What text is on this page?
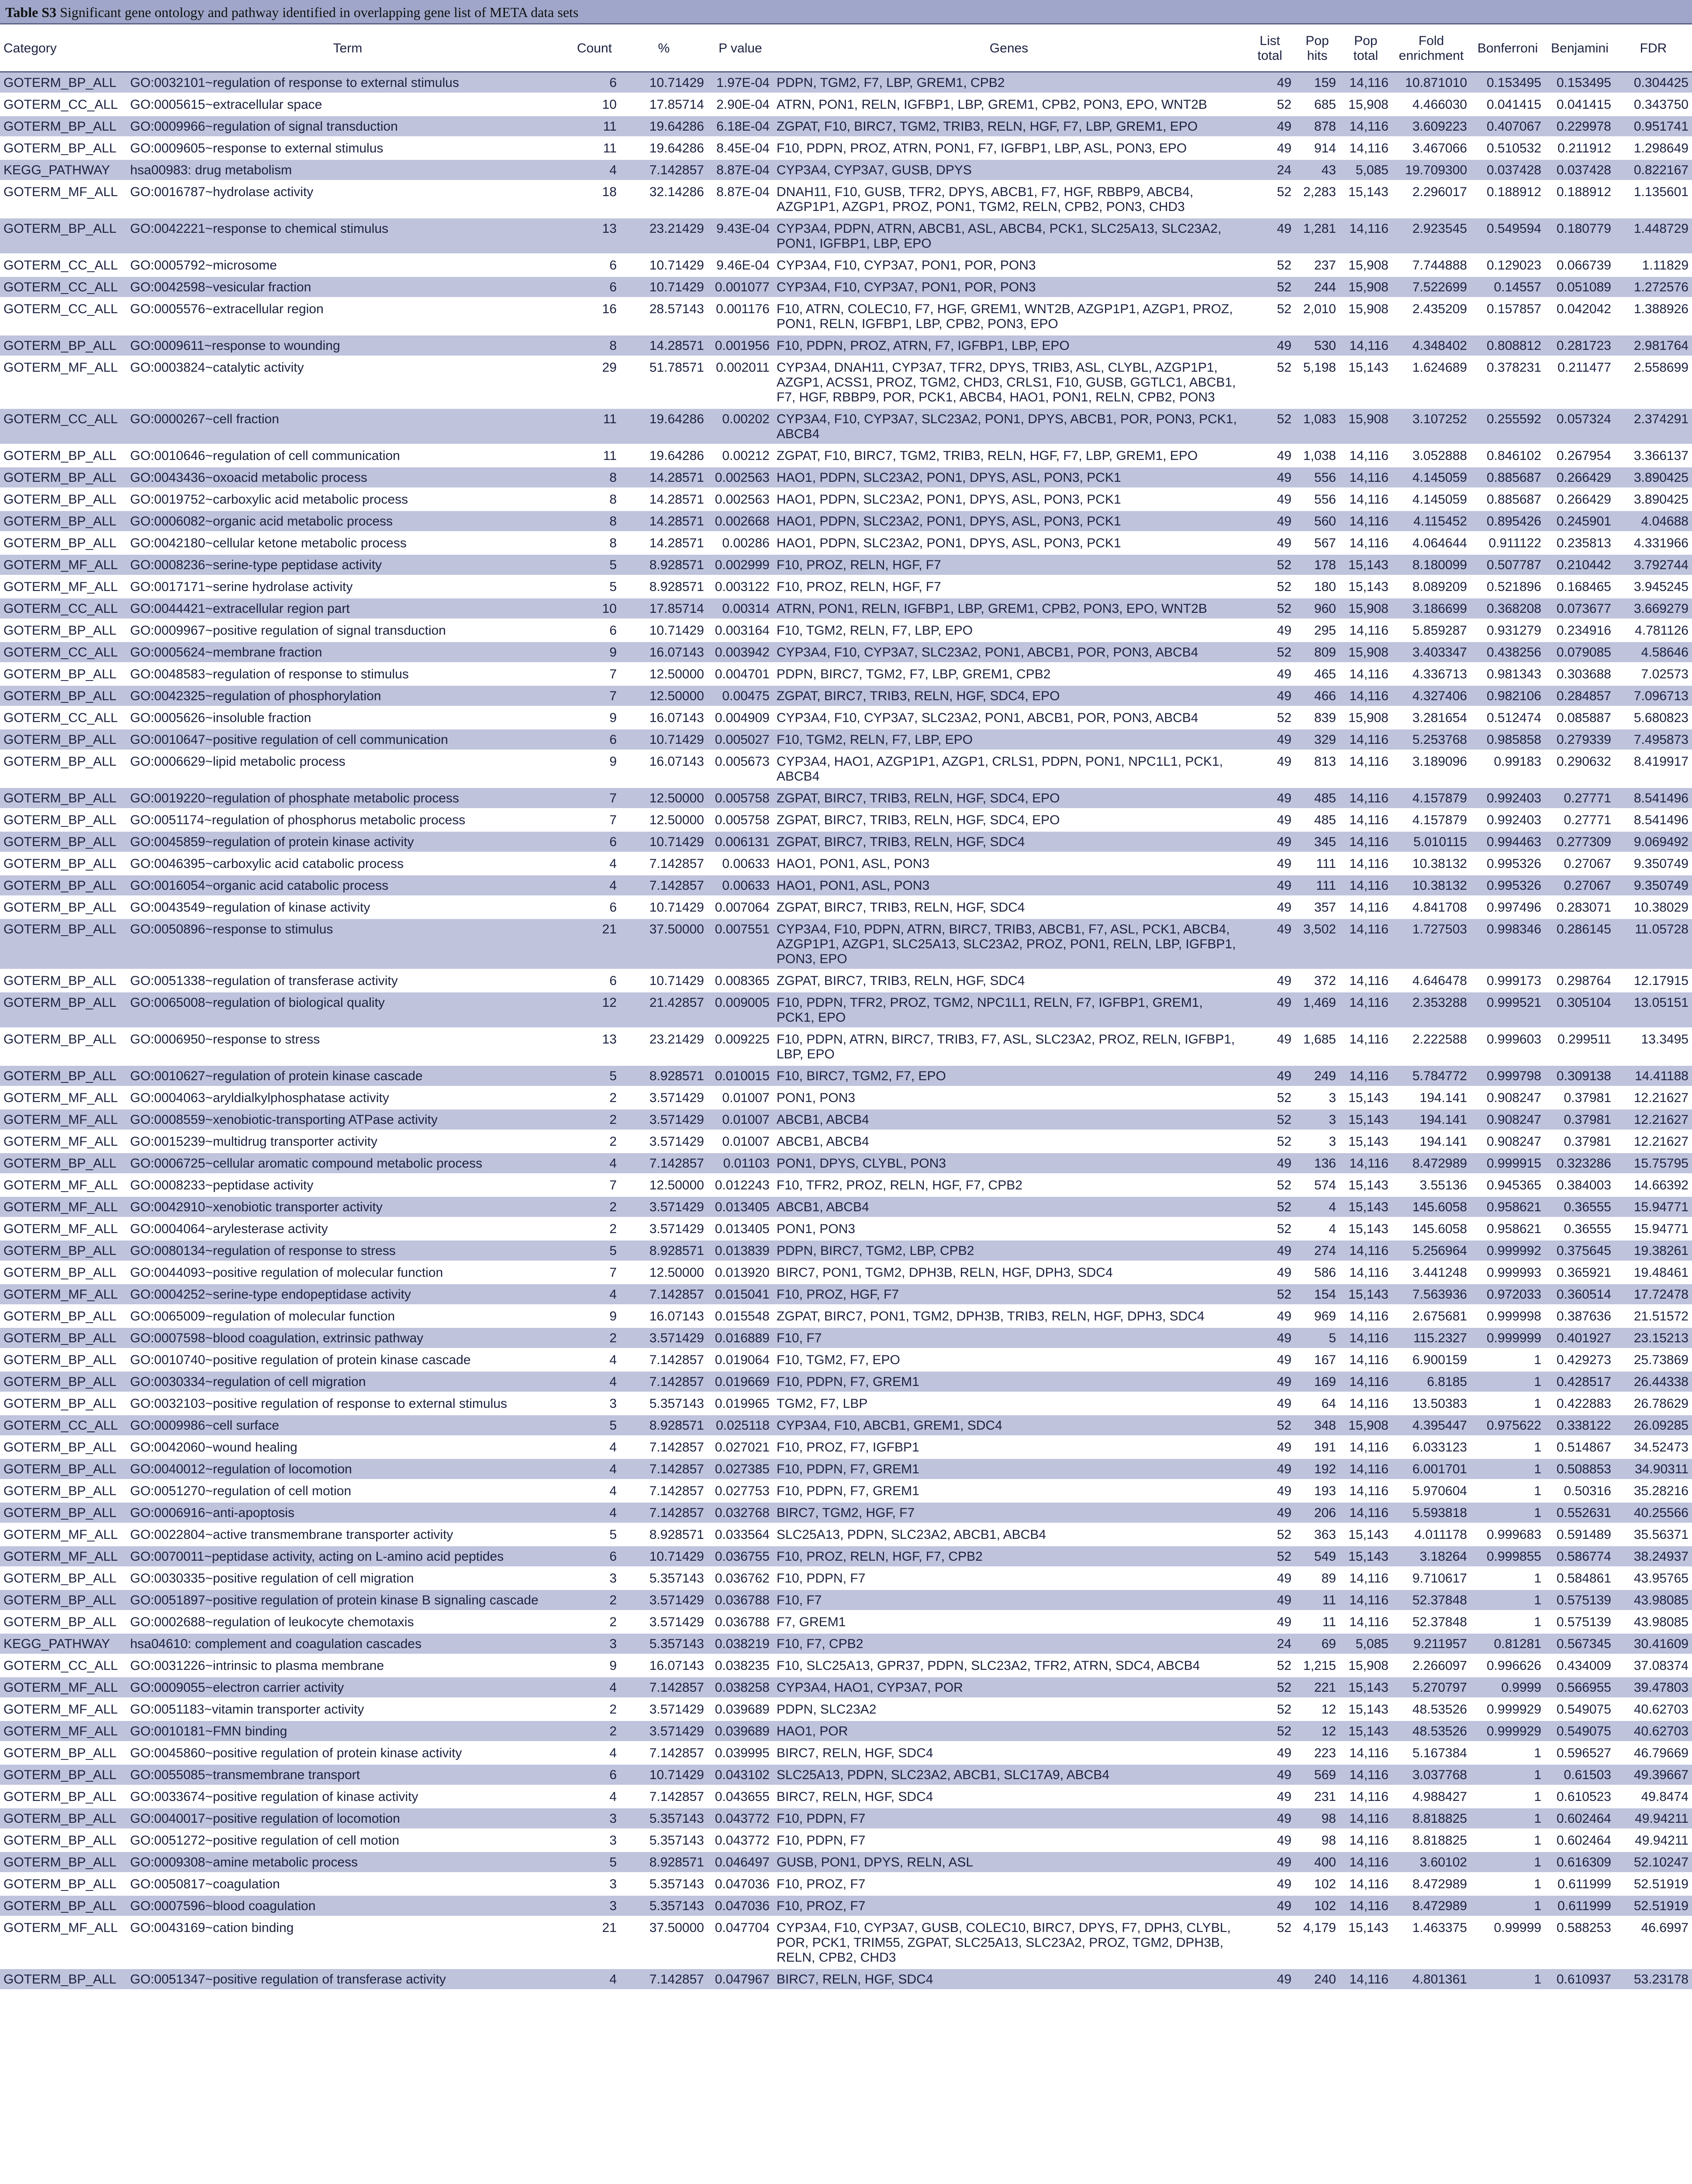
Table S3 Significant gene ontology and pathway identified in overlapping gene list of META data sets
Category	Term	Count	%	P value	Genes	List total	Pop hits	Pop total	Fold enrichment	Bonferroni	Benjamini	FDR
GOTERM_BP_ALL	GO:0032101~regulation of response to external stimulus	6	10.71429	1.97E-04	PDPN, TGM2, F7, LBP, GREM1, CPB2	49	159	14,116	10.871010	0.153495	0.153495	0.304425
GOTERM_CC_ALL	GO:0005615~extracellular space	10	17.85714	2.90E-04	ATRN, PON1, RELN, IGFBP1, LBP, GREM1, CPB2, PON3, EPO, WNT2B	52	685	15,908	4.466030	0.041415	0.041415	0.343750
GOTERM_BP_ALL	GO:0009966~regulation of signal transduction	11	19.64286	6.18E-04	ZGPAT, F10, BIRC7, TGM2, TRIB3, RELN, HGF, F7, LBP, GREM1, EPO	49	878	14,116	3.609223	0.407067	0.229978	0.951741
GOTERM_BP_ALL	GO:0009605~response to external stimulus	11	19.64286	8.45E-04	F10, PDPN, PROZ, ATRN, PON1, F7, IGFBP1, LBP, ASL, PON3, EPO	49	914	14,116	3.467066	0.510532	0.211912	1.298649
KEGG_PATHWAY	hsa00983: drug metabolism	4	7.142857	8.87E-04	CYP3A4, CYP3A7, GUSB, DPYS	24	43	5,085	19.709300	0.037428	0.037428	0.822167
GOTERM_MF_ALL	GO:0016787~hydrolase activity	18	32.14286	8.87E-04	DNAH11, F10, GUSB, TFR2, DPYS, ABCB1, F7, HGF, RBBP9, ABCB4, AZGP1P1, AZGP1, PROZ, PON1, TGM2, RELN, CPB2, PON3, CHD3	52	2,283	15,143	2.296017	0.188912	0.188912	1.135601
GOTERM_BP_ALL	GO:0042221~response to chemical stimulus	13	23.21429	9.43E-04	CYP3A4, PDPN, ATRN, ABCB1, ASL, ABCB4, PCK1, SLC25A13, SLC23A2, PON1, IGFBP1, LBP, EPO	49	1,281	14,116	2.923545	0.549594	0.180779	1.448729
GOTERM_CC_ALL	GO:0005792~microsome	6	10.71429	9.46E-04	CYP3A4, F10, CYP3A7, PON1, POR, PON3	52	237	15,908	7.744888	0.129023	0.066739	1.11829
GOTERM_CC_ALL	GO:0042598~vesicular fraction	6	10.71429	0.001077	CYP3A4, F10, CYP3A7, PON1, POR, PON3	52	244	15,908	7.522699	0.14557	0.051089	1.272576
GOTERM_CC_ALL	GO:0005576~extracellular region	16	28.57143	0.001176	F10, ATRN, COLEC10, F7, HGF, GREM1, WNT2B, AZGP1P1, AZGP1, PROZ, PON1, RELN, IGFBP1, LBP, CPB2, PON3, EPO	52	2,010	15,908	2.435209	0.157857	0.042042	1.388926
GOTERM_BP_ALL	GO:0009611~response to wounding	8	14.28571	0.001956	F10, PDPN, PROZ, ATRN, F7, IGFBP1, LBP, EPO	49	530	14,116	4.348402	0.808812	0.281723	2.981764
GOTERM_MF_ALL	GO:0003824~catalytic activity	29	51.78571	0.002011	CYP3A4, DNAH11, CYP3A7, TFR2, DPYS, TRIB3, ASL, CLYBL, AZGP1P1, AZGP1, ACSS1, PROZ, TGM2, CHD3, CRLS1, F10, GUSB, GGTLC1, ABCB1, F7, HGF, RBBP9, POR, PCK1, ABCB4, HAO1, PON1, RELN, CPB2, PON3	52	5,198	15,143	1.624689	0.378231	0.211477	2.558699
GOTERM_CC_ALL	GO:0000267~cell fraction	11	19.64286	0.00202	CYP3A4, F10, CYP3A7, SLC23A2, PON1, DPYS, ABCB1, POR, PON3, PCK1, ABCB4	52	1,083	15,908	3.107252	0.255592	0.057324	2.374291
GOTERM_BP_ALL	GO:0010646~regulation of cell communication	11	19.64286	0.00212	ZGPAT, F10, BIRC7, TGM2, TRIB3, RELN, HGF, F7, LBP, GREM1, EPO	49	1,038	14,116	3.052888	0.846102	0.267954	3.366137
GOTERM_BP_ALL	GO:0043436~oxoacid metabolic process	8	14.28571	0.002563	HAO1, PDPN, SLC23A2, PON1, DPYS, ASL, PON3, PCK1	49	556	14,116	4.145059	0.885687	0.266429	3.890425
GOTERM_BP_ALL	GO:0019752~carboxylic acid metabolic process	8	14.28571	0.002563	HAO1, PDPN, SLC23A2, PON1, DPYS, ASL, PON3, PCK1	49	556	14,116	4.145059	0.885687	0.266429	3.890425
GOTERM_BP_ALL	GO:0006082~organic acid metabolic process	8	14.28571	0.002668	HAO1, PDPN, SLC23A2, PON1, DPYS, ASL, PON3, PCK1	49	560	14,116	4.115452	0.895426	0.245901	4.04688
GOTERM_BP_ALL	GO:0042180~cellular ketone metabolic process	8	14.28571	0.00286	HAO1, PDPN, SLC23A2, PON1, DPYS, ASL, PON3, PCK1	49	567	14,116	4.064644	0.911122	0.235813	4.331966
GOTERM_MF_ALL	GO:0008236~serine-type peptidase activity	5	8.928571	0.002999	F10, PROZ, RELN, HGF, F7	52	178	15,143	8.180099	0.507787	0.210442	3.792744
GOTERM_MF_ALL	GO:0017171~serine hydrolase activity	5	8.928571	0.003122	F10, PROZ, RELN, HGF, F7	52	180	15,143	8.089209	0.521896	0.168465	3.945245
GOTERM_CC_ALL	GO:0044421~extracellular region part	10	17.85714	0.00314	ATRN, PON1, RELN, IGFBP1, LBP, GREM1, CPB2, PON3, EPO, WNT2B	52	960	15,908	3.186699	0.368208	0.073677	3.669279
GOTERM_BP_ALL	GO:0009967~positive regulation of signal transduction	6	10.71429	0.003164	F10, TGM2, RELN, F7, LBP, EPO	49	295	14,116	5.859287	0.931279	0.234916	4.781126
GOTERM_CC_ALL	GO:0005624~membrane fraction	9	16.07143	0.003942	CYP3A4, F10, CYP3A7, SLC23A2, PON1, ABCB1, POR, PON3, ABCB4	52	809	15,908	3.403347	0.438256	0.079085	4.58646
GOTERM_BP_ALL	GO:0048583~regulation of response to stimulus	7	12.50000	0.004701	PDPN, BIRC7, TGM2, F7, LBP, GREM1, CPB2	49	465	14,116	4.336713	0.981343	0.303688	7.02573
GOTERM_BP_ALL	GO:0042325~regulation of phosphorylation	7	12.50000	0.00475	ZGPAT, BIRC7, TRIB3, RELN, HGF, SDC4, EPO	49	466	14,116	4.327406	0.982106	0.284857	7.096713
GOTERM_CC_ALL	GO:0005626~insoluble fraction	9	16.07143	0.004909	CYP3A4, F10, CYP3A7, SLC23A2, PON1, ABCB1, POR, PON3, ABCB4	52	839	15,908	3.281654	0.512474	0.085887	5.680823
GOTERM_BP_ALL	GO:0010647~positive regulation of cell communication	6	10.71429	0.005027	F10, TGM2, RELN, F7, LBP, EPO	49	329	14,116	5.253768	0.985858	0.279339	7.495873
GOTERM_BP_ALL	GO:0006629~lipid metabolic process	9	16.07143	0.005673	CYP3A4, HAO1, AZGP1P1, AZGP1, CRLS1, PDPN, PON1, NPC1L1, PCK1, ABCB4	49	813	14,116	3.189096	0.99183	0.290632	8.419917
GOTERM_BP_ALL	GO:0019220~regulation of phosphate metabolic process	7	12.50000	0.005758	ZGPAT, BIRC7, TRIB3, RELN, HGF, SDC4, EPO	49	485	14,116	4.157879	0.992403	0.27771	8.541496
GOTERM_BP_ALL	GO:0051174~regulation of phosphorus metabolic process	7	12.50000	0.005758	ZGPAT, BIRC7, TRIB3, RELN, HGF, SDC4, EPO	49	485	14,116	4.157879	0.992403	0.27771	8.541496
GOTERM_BP_ALL	GO:0045859~regulation of protein kinase activity	6	10.71429	0.006131	ZGPAT, BIRC7, TRIB3, RELN, HGF, SDC4	49	345	14,116	5.010115	0.994463	0.277309	9.069492
GOTERM_BP_ALL	GO:0046395~carboxylic acid catabolic process	4	7.142857	0.00633	HAO1, PON1, ASL, PON3	49	111	14,116	10.38132	0.995326	0.27067	9.350749
GOTERM_BP_ALL	GO:0016054~organic acid catabolic process	4	7.142857	0.00633	HAO1, PON1, ASL, PON3	49	111	14,116	10.38132	0.995326	0.27067	9.350749
GOTERM_BP_ALL	GO:0043549~regulation of kinase activity	6	10.71429	0.007064	ZGPAT, BIRC7, TRIB3, RELN, HGF, SDC4	49	357	14,116	4.841708	0.997496	0.283071	10.38029
GOTERM_BP_ALL	GO:0050896~response to stimulus	21	37.50000	0.007551	CYP3A4, F10, PDPN, ATRN, BIRC7, TRIB3, ABCB1, F7, ASL, PCK1, ABCB4, AZGP1P1, AZGP1, SLC25A13, SLC23A2, PROZ, PON1, RELN, LBP, IGFBP1, PON3, EPO	49	3,502	14,116	1.727503	0.998346	0.286145	11.05728
GOTERM_BP_ALL	GO:0051338~regulation of transferase activity	6	10.71429	0.008365	ZGPAT, BIRC7, TRIB3, RELN, HGF, SDC4	49	372	14,116	4.646478	0.999173	0.298764	12.17915
GOTERM_BP_ALL	GO:0065008~regulation of biological quality	12	21.42857	0.009005	F10, PDPN, TFR2, PROZ, TGM2, NPC1L1, RELN, F7, IGFBP1, GREM1, PCK1, EPO	49	1,469	14,116	2.353288	0.999521	0.305104	13.05151
GOTERM_BP_ALL	GO:0006950~response to stress	13	23.21429	0.009225	F10, PDPN, ATRN, BIRC7, TRIB3, F7, ASL, SLC23A2, PROZ, RELN, IGFBP1, LBP, EPO	49	1,685	14,116	2.222588	0.999603	0.299511	13.3495
GOTERM_BP_ALL	GO:0010627~regulation of protein kinase cascade	5	8.928571	0.010015	F10, BIRC7, TGM2, F7, EPO	49	249	14,116	5.784772	0.999798	0.309138	14.41188
GOTERM_MF_ALL	GO:0004063~aryldialkylphosphatase activity	2	3.571429	0.01007	PON1, PON3	52	3	15,143	194.141	0.908247	0.37981	12.21627
GOTERM_MF_ALL	GO:0008559~xenobiotic-transporting ATPase activity	2	3.571429	0.01007	ABCB1, ABCB4	52	3	15,143	194.141	0.908247	0.37981	12.21627
GOTERM_MF_ALL	GO:0015239~multidrug transporter activity	2	3.571429	0.01007	ABCB1, ABCB4	52	3	15,143	194.141	0.908247	0.37981	12.21627
GOTERM_BP_ALL	GO:0006725~cellular aromatic compound metabolic process	4	7.142857	0.01103	PON1, DPYS, CLYBL, PON3	49	136	14,116	8.472989	0.999915	0.323286	15.75795
GOTERM_MF_ALL	GO:0008233~peptidase activity	7	12.50000	0.012243	F10, TFR2, PROZ, RELN, HGF, F7, CPB2	52	574	15,143	3.55136	0.945365	0.384003	14.66392
GOTERM_MF_ALL	GO:0042910~xenobiotic transporter activity	2	3.571429	0.013405	ABCB1, ABCB4	52	4	15,143	145.6058	0.958621	0.36555	15.94771
GOTERM_MF_ALL	GO:0004064~arylesterase activity	2	3.571429	0.013405	PON1, PON3	52	4	15,143	145.6058	0.958621	0.36555	15.94771
GOTERM_BP_ALL	GO:0080134~regulation of response to stress	5	8.928571	0.013839	PDPN, BIRC7, TGM2, LBP, CPB2	49	274	14,116	5.256964	0.999992	0.375645	19.38261
GOTERM_BP_ALL	GO:0044093~positive regulation of molecular function	7	12.50000	0.013920	BIRC7, PON1, TGM2, DPH3B, RELN, HGF, DPH3, SDC4	49	586	14,116	3.441248	0.999993	0.365921	19.48461
GOTERM_MF_ALL	GO:0004252~serine-type endopeptidase activity	4	7.142857	0.015041	F10, PROZ, HGF, F7	52	154	15,143	7.563936	0.972033	0.360514	17.72478
GOTERM_BP_ALL	GO:0065009~regulation of molecular function	9	16.07143	0.015548	ZGPAT, BIRC7, PON1, TGM2, DPH3B, TRIB3, RELN, HGF, DPH3, SDC4	49	969	14,116	2.675681	0.999998	0.387636	21.51572
GOTERM_BP_ALL	GO:0007598~blood coagulation, extrinsic pathway	2	3.571429	0.016889	F10, F7	49	5	14,116	115.2327	0.999999	0.401927	23.15213
GOTERM_BP_ALL	GO:0010740~positive regulation of protein kinase cascade	4	7.142857	0.019064	F10, TGM2, F7, EPO	49	167	14,116	6.900159	1	0.429273	25.73869
GOTERM_BP_ALL	GO:0030334~regulation of cell migration	4	7.142857	0.019669	F10, PDPN, F7, GREM1	49	169	14,116	6.8185	1	0.428517	26.44338
GOTERM_BP_ALL	GO:0032103~positive regulation of response to external stimulus	3	5.357143	0.019965	TGM2, F7, LBP	49	64	14,116	13.50383	1	0.422883	26.78629
GOTERM_CC_ALL	GO:0009986~cell surface	5	8.928571	0.025118	CYP3A4, F10, ABCB1, GREM1, SDC4	52	348	15,908	4.395447	0.975622	0.338122	26.09285
GOTERM_BP_ALL	GO:0042060~wound healing	4	7.142857	0.027021	F10, PROZ, F7, IGFBP1	49	191	14,116	6.033123	1	0.514867	34.52473
GOTERM_BP_ALL	GO:0040012~regulation of locomotion	4	7.142857	0.027385	F10, PDPN, F7, GREM1	49	192	14,116	6.001701	1	0.508853	34.90311
GOTERM_BP_ALL	GO:0051270~regulation of cell motion	4	7.142857	0.027753	F10, PDPN, F7, GREM1	49	193	14,116	5.970604	1	0.50316	35.28216
GOTERM_BP_ALL	GO:0006916~anti-apoptosis	4	7.142857	0.032768	BIRC7, TGM2, HGF, F7	49	206	14,116	5.593818	1	0.552631	40.25566
GOTERM_MF_ALL	GO:0022804~active transmembrane transporter activity	5	8.928571	0.033564	SLC25A13, PDPN, SLC23A2, ABCB1, ABCB4	52	363	15,143	4.011178	0.999683	0.591489	35.56371
GOTERM_MF_ALL	GO:0070011~peptidase activity, acting on L-amino acid peptides	6	10.71429	0.036755	F10, PROZ, RELN, HGF, F7, CPB2	52	549	15,143	3.18264	0.999855	0.586774	38.24937
GOTERM_BP_ALL	GO:0030335~positive regulation of cell migration	3	5.357143	0.036762	F10, PDPN, F7	49	89	14,116	9.710617	1	0.584861	43.95765
GOTERM_BP_ALL	GO:0051897~positive regulation of protein kinase B signaling cascade	2	3.571429	0.036788	F10, F7	49	11	14,116	52.37848	1	0.575139	43.98085
GOTERM_BP_ALL	GO:0002688~regulation of leukocyte chemotaxis	2	3.571429	0.036788	F7, GREM1	49	11	14,116	52.37848	1	0.575139	43.98085
KEGG_PATHWAY	hsa04610: complement and coagulation cascades	3	5.357143	0.038219	F10, F7, CPB2	24	69	5,085	9.211957	0.81281	0.567345	30.41609
GOTERM_CC_ALL	GO:0031226~intrinsic to plasma membrane	9	16.07143	0.038235	F10, SLC25A13, GPR37, PDPN, SLC23A2, TFR2, ATRN, SDC4, ABCB4	52	1,215	15,908	2.266097	0.996626	0.434009	37.08374
GOTERM_MF_ALL	GO:0009055~electron carrier activity	4	7.142857	0.038258	CYP3A4, HAO1, CYP3A7, POR	52	221	15,143	5.270797	0.9999	0.566955	39.47803
GOTERM_MF_ALL	GO:0051183~vitamin transporter activity	2	3.571429	0.039689	PDPN, SLC23A2	52	12	15,143	48.53526	0.999929	0.549075	40.62703
GOTERM_MF_ALL	GO:0010181~FMN binding	2	3.571429	0.039689	HAO1, POR	52	12	15,143	48.53526	0.999929	0.549075	40.62703
GOTERM_BP_ALL	GO:0045860~positive regulation of protein kinase activity	4	7.142857	0.039995	BIRC7, RELN, HGF, SDC4	49	223	14,116	5.167384	1	0.596527	46.79669
GOTERM_BP_ALL	GO:0055085~transmembrane transport	6	10.71429	0.043102	SLC25A13, PDPN, SLC23A2, ABCB1, SLC17A9, ABCB4	49	569	14,116	3.037768	1	0.61503	49.39667
GOTERM_BP_ALL	GO:0033674~positive regulation of kinase activity	4	7.142857	0.043655	BIRC7, RELN, HGF, SDC4	49	231	14,116	4.988427	1	0.610523	49.8474
GOTERM_BP_ALL	GO:0040017~positive regulation of locomotion	3	5.357143	0.043772	F10, PDPN, F7	49	98	14,116	8.818825	1	0.602464	49.94211
GOTERM_BP_ALL	GO:0051272~positive regulation of cell motion	3	5.357143	0.043772	F10, PDPN, F7	49	98	14,116	8.818825	1	0.602464	49.94211
GOTERM_BP_ALL	GO:0009308~amine metabolic process	5	8.928571	0.046497	GUSB, PON1, DPYS, RELN, ASL	49	400	14,116	3.60102	1	0.616309	52.10247
GOTERM_BP_ALL	GO:0050817~coagulation	3	5.357143	0.047036	F10, PROZ, F7	49	102	14,116	8.472989	1	0.611999	52.51919
GOTERM_BP_ALL	GO:0007596~blood coagulation	3	5.357143	0.047036	F10, PROZ, F7	49	102	14,116	8.472989	1	0.611999	52.51919
GOTERM_MF_ALL	GO:0043169~cation binding	21	37.50000	0.047704	CYP3A4, F10, CYP3A7, GUSB, COLEC10, BIRC7, DPYS, F7, DPH3, CLYBL, POR, PCK1, TRIM55, ZGPAT, SLC25A13, SLC23A2, PROZ, TGM2, DPH3B, RELN, CPB2, CHD3	52	4,179	15,143	1.463375	0.99999	0.588253	46.6997
GOTERM_BP_ALL	GO:0051347~positive regulation of transferase activity	4	7.142857	0.047967	BIRC7, RELN, HGF, SDC4	49	240	14,116	4.801361	1	0.610937	53.23178
